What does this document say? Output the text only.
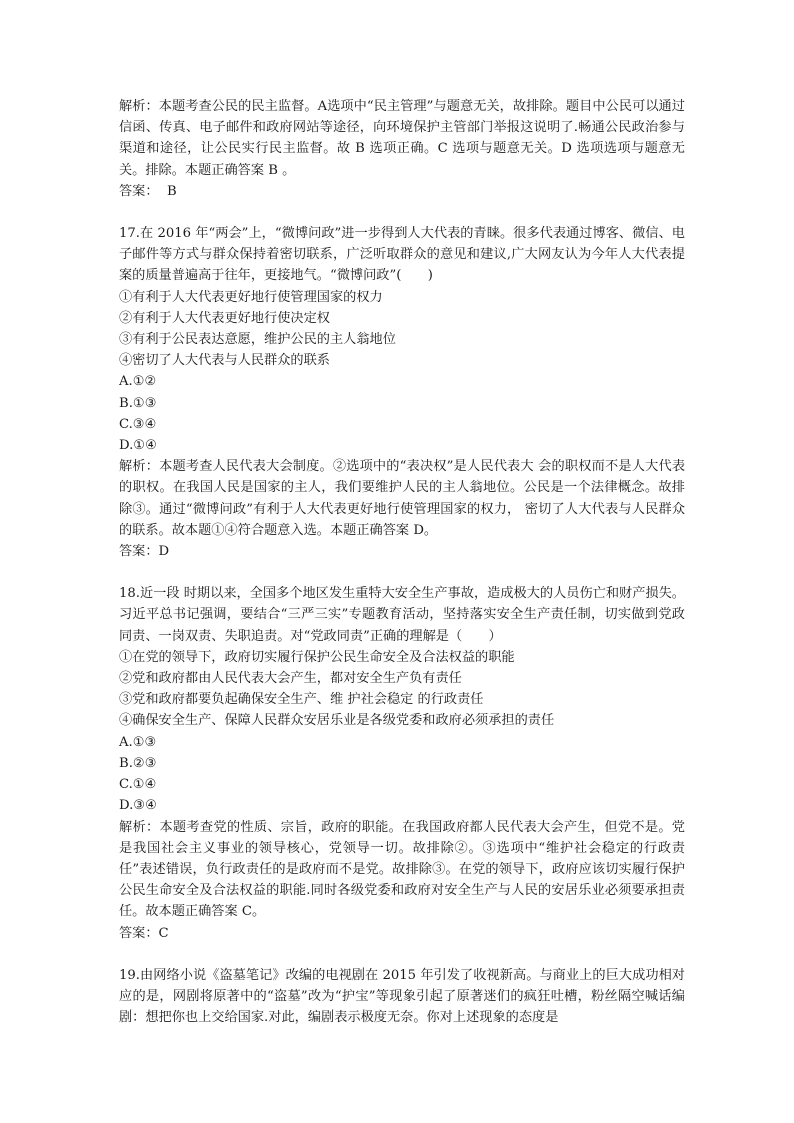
解析：本题考查公民的民主监督。A选项中“民主管理”与题意无关，故排除。题目中公民可以通过信函、传真、电子邮件和政府网站等途径，向环境保护主管部门举报这说明了.畅通公民政治参与渠道和途径，让公民实行民主监督。故 B 选项正确。C 选项与题意无关。D 选项选项与题意无关。排除。本题正确答案 B 。

答案：  B

17.在 2016 年“两会”上，“微博问政”进一步得到人大代表的青睐。很多代表通过博客、微信、电子邮件等方式与群众保持着密切联系，广泛听取群众的意见和建议,广大网友认为今年人大代表提案的质量普遍高于往年，更接地气。“微博问政”(　　)

①有利于人大代表更好地行使管理国家的权力

②有利于人大代表更好地行使决定权

③有利于公民表达意愿，维护公民的主人翁地位

④密切了人大代表与人民群众的联系

A.①②

B.①③

C.③④

D.①④

解析：本题考查人民代表大会制度。②选项中的“表决权”是人民代表大 会的职权而不是人大代表的职权。在我国人民是国家的主人，我们要维护人民的主人翁地位。公民是一个法律概念。故排除③。通过“微博问政”有利于人大代表更好地行使管理国家的权力， 密切了人大代表与人民群众的联系。故本题①④符合题意入选。本题正确答案 D。

答案：D

18.近一段 时期以来，全国多个地区发生重特大安全生产事故，造成极大的人员伤亡和财产损失。习近平总书记强调，要结合“三严三实”专题教育活动，坚持落实安全生产责任制，切实做到党政同责、一岗双责、失职追责。对“党政同责”正确的理解是（　　）

①在党的领导下，政府切实履行保护公民生命安全及合法权益的职能

②党和政府都由人民代表大会产生，都对安全生产负有责任

③党和政府都要负起确保安全生产、维 护社会稳定 的行政责任

④确保安全生产、保障人民群众安居乐业是各级党委和政府必须承担的责任

A.①③

B.②③

C.①④

D.③④

解析：本题考查党的性质、宗旨，政府的职能。在我国政府都人民代表大会产生，但党不是。党是我国社会主义事业的领导核心，党领导一切。故排除②。③选项中“维护社会稳定的行政责任”表述错误，负行政责任的是政府而不是党。故排除③。在党的领导下，政府应该切实履行保护公民生命安全及合法权益的职能.同时各级党委和政府对安全生产与人民的安居乐业必须要承担责任。故本题正确答案 C。

答案：C

19.由网络小说《盗墓笔记》改编的电视剧在 2015 年引发了收视新高。与商业上的巨大成功相对应的是，网剧将原著中的“盗墓”改为“护宝”等现象引起了原著迷们的疯狂吐槽，粉丝隔空喊话编剧：想把你也上交给国家.对此，编剧表示极度无奈。你对上述现象的态度是
